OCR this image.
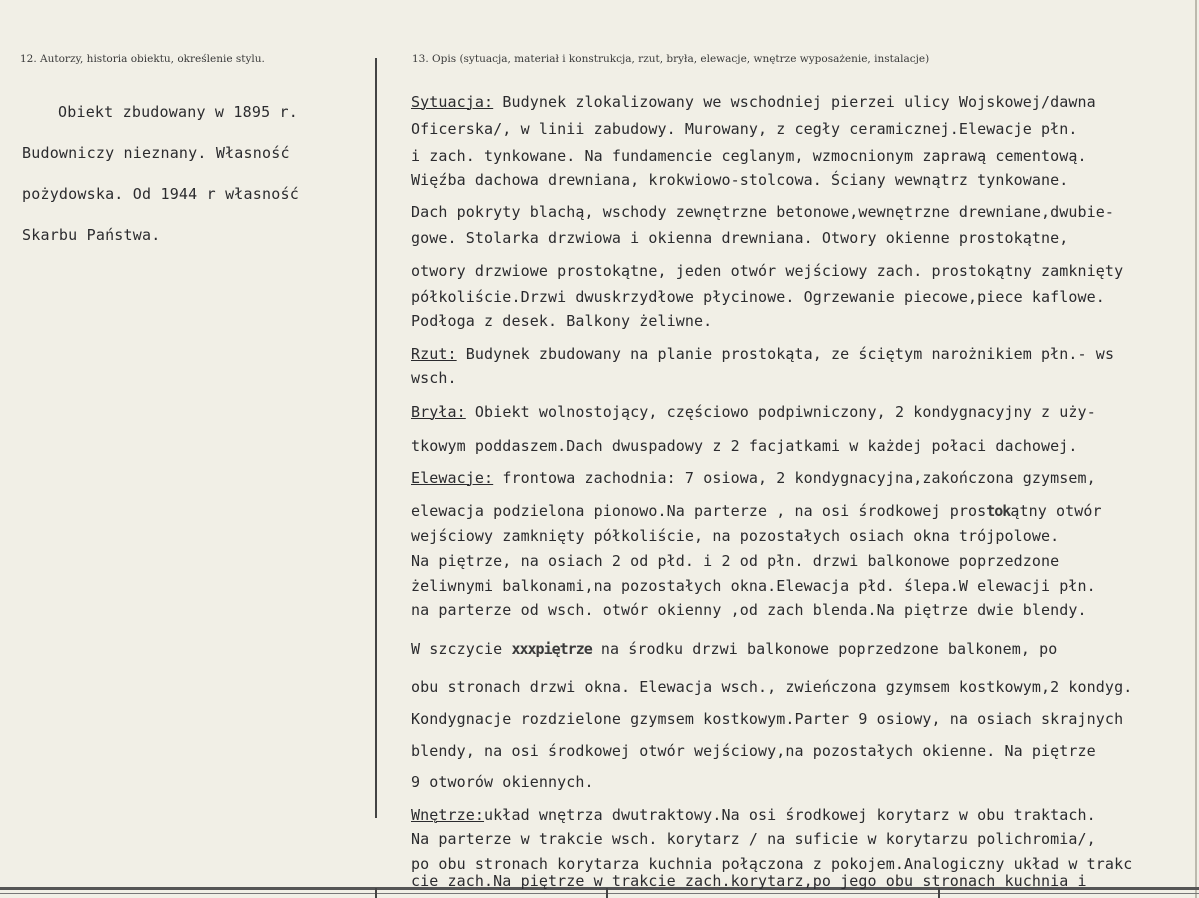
12. Autorzy, historia obiektu, określenie stylu.	13. Opis (sytuacja, materiał i konstrukcja, rzut, bryła, elewacje, wnętrze wyposażenie, instalacje)
Obiekt zbudowany w 1895 r.
Budowniczy nieznany. Własność
pożydowska. Od 1944 r własność
Skarbu Państwa.
Sytuacja: Budynek zlokalizowany we wschodniej pierzei ulicy Wojskowej/dawna
Oficerska/, w linii zabudowy. Murowany, z cegły ceramicznej.Elewacje płn.
i zach. tynkowane. Na fundamencie ceglanym, wzmocnionym zaprawą cementową.
Więźba dachowa drewniana, krokwiowo-stolcowa. Ściany wewnątrz tynkowane.
Dach pokryty blachą, wschody zewnętrzne betonowe,wewnętrzne drewniane,dwubie-
gowe. Stolarka drzwiowa i okienna drewniana. Otwory okienne prostokątne,
otwory drzwiowe prostokątne, jeden otwór wejściowy zach. prostokątny zamknięty
półkoliście.Drzwi dwuskrzydłowe płycinowe. Ogrzewanie piecowe,piece kaflowe.
Podłoga z desek. Balkony żeliwne.
Rzut: Budynek zbudowany na planie prostokąta, ze ściętym narożnikiem płn.- ws
wsch.
Bryła: Obiekt wolnostojący, częściowo podpiwniczony, 2 kondygnacyjny z uży-
tkowym poddaszem.Dach dwuspadowy z 2 facjatkami w każdej połaci dachowej.
Elewacje: frontowa zachodnia: 7 osiowa, 2 kondygnacyjna,zakończona gzymsem,
elewacja podzielona pionowo.Na parterze , na osi środkowej prostokątny otwór
wejściowy zamknięty półkoliście, na pozostałych osiach okna trójpolowe.
Na piętrze, na osiach 2 od płd. i 2 od płn. drzwi balkonowe poprzedzone
żeliwnymi balkonami,na pozostałych okna.Elewacja płd. ślepa.W elewacji płn.
na parterze od wsch. otwór okienny ,od zach blenda.Na piętrze dwie blendy.
W szczycie xxxpiętrze na środku drzwi balkonowe poprzedzone balkonem, po
obu stronach drzwi okna. Elewacja wsch., zwieńczona gzymsem kostkowym,2 kondyg.
Kondygnacje rozdzielone gzymsem kostkowym.Parter 9 osiowy, na osiach skrajnych
blendy, na osi środkowej otwór wejściowy,na pozostałych okienne. Na piętrze
9 otworów okiennych.
Wnętrze:układ wnętrza dwutraktowy.Na osi środkowej korytarz w obu traktach.
Na parterze w trakcie wsch. korytarz / na suficie w korytarzu polichromia/,
po obu stronach korytarza kuchnia połączona z pokojem.Analogiczny układ w trakc
cie zach.Na piętrze w trakcie zach.korytarz,po jego obu stronach kuchnia i
